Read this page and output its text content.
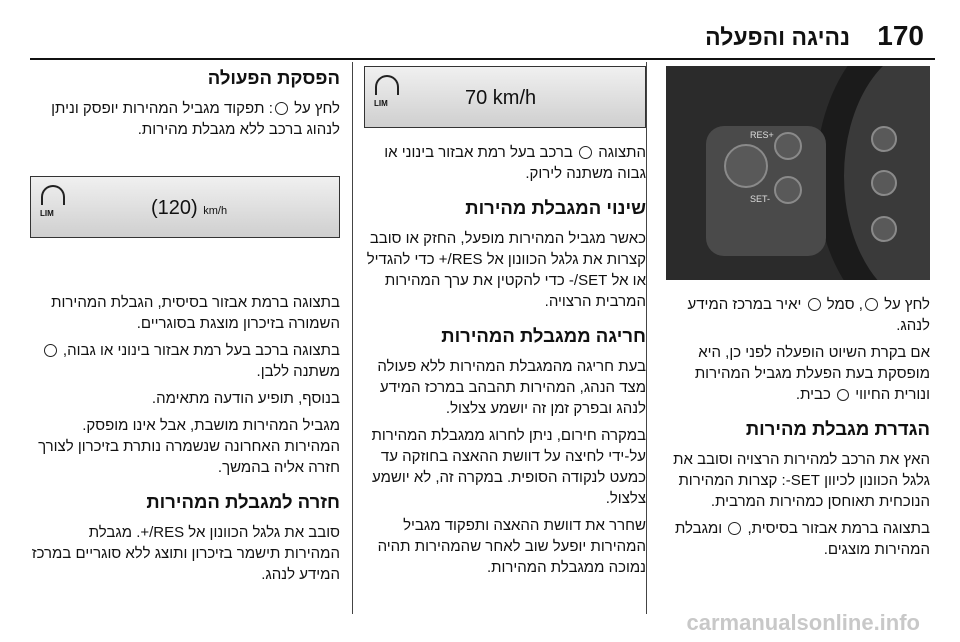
170
נהיגה והפעלה
RES+
SET-

לחץ על , סמל  יאיר במרכז המידע לנהג.

אם בקרת השיוט הופעלה לפני כן, היא מופסקת בעת הפעלת מגביל המהירות ונורית החיווי  כבית.

הגדרת מגבלת מהירות

האץ את הרכב למהירות הרצויה וסובב את גלגל הכוונון לכיוון SET-: קצרות המהירות הנוכחית תאוחסן כמהירות המרבית.

בתצוגה ברמת אבזור בסיסית,  ומגבלת המהירות מוצגים.

LIM	70 km/h

התצוגה  ברכב בעל רמת אבזור בינוני או גבוה משתנה לירוק.

שינוי המגבלת מהירות

כאשר מגביל המהירות מופעל, החזק או סובב קצרות את גלגל הכוונון אל RES/+ כדי להגדיל או אל SET/- כדי להקטין את ערך המהירות המרבית הרצויה.

חריגה ממגבלת המהירות

בעת חריגה מהמגבלת המהירות ללא פעולה מצד הנהג, המהירות תהבהב במרכז המידע לנהג ובפרק זמן זה יושמע צלצול.

במקרה חירום, ניתן לחרוג ממגבלת המהירות על-ידי לחיצה על דוושת ההאצה בחוזקה עד כמעט לנקודה הסופית. במקרה זה, לא יושמע צלצול.

שחרר את דוושת ההאצה ותפקוד מגביל המהירות יופעל שוב לאחר שהמהירות תהיה נמוכה ממגבלת המהירות.

הפסקת הפעולה

לחץ על : תפקוד מגביל המהירות יופסק וניתן לנהוג ברכב ללא מגבלת מהירות.

LIM	(120) km/h

בתצוגה ברמת אבזור בסיסית, הגבלת המהירות השמורה בזיכרון מוצגת בסוגריים.

בתצוגה ברכב בעל רמת אבזור בינוני או גבוה,  משתנה ללבן.

בנוסף, תופיע הודעה מתאימה.

מגביל המהירות מושבת, אבל אינו מופסק. המהירות האחרונה שנשמרה נותרת בזיכרון לצורך חזרה אליה בהמשך.

חזרה למגבלת המהירות

סובב את גלגל הכוונון אל RES/+. מגבלת המהירות תישמר בזיכרון ותוצג ללא סוגריים במרכז המידע לנהג.

carmanualsonline.info
